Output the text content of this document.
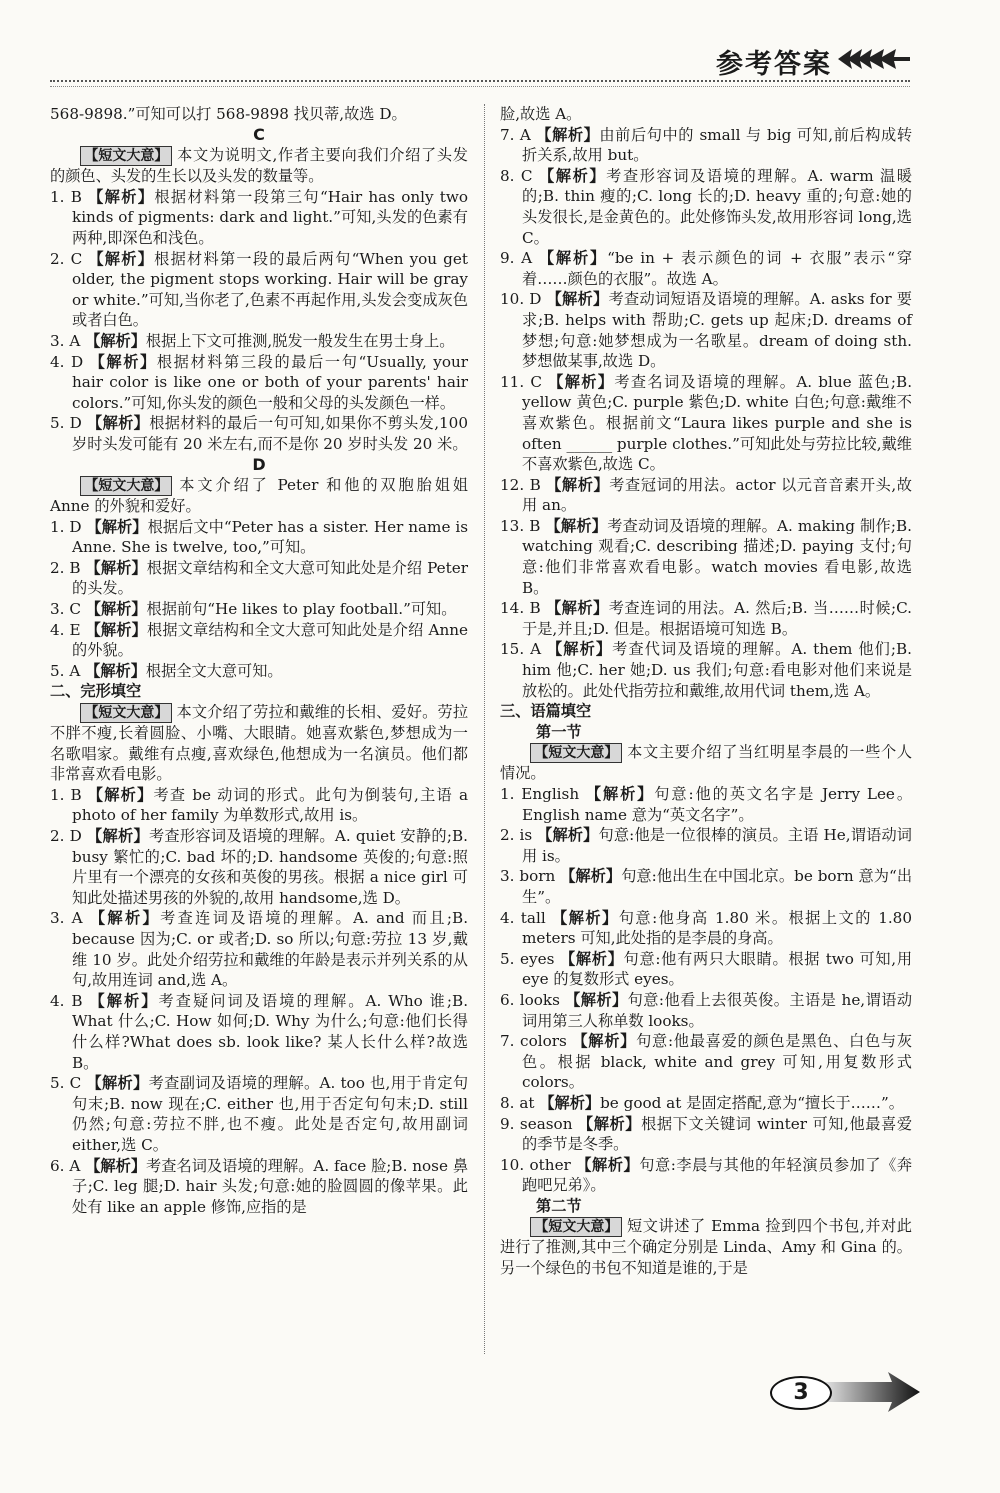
参考答案

568-9898.”可知可以打 568-9898 找贝蒂,故选 D。

C

【短文大意】 本文为说明文,作者主要向我们介绍了头发的颜色、头发的生长以及头发的数量等。

1. B 【解析】根据材料第一段第三句“Hair has only two kinds of pigments: dark and light.”可知,头发的色素有两种,即深色和浅色。

2. C 【解析】根据材料第一段的最后两句“When you get older, the pigment stops working. Hair will be gray or white.”可知,当你老了,色素不再起作用,头发会变成灰色或者白色。

3. A 【解析】根据上下文可推测,脱发一般发生在男士身上。

4. D 【解析】根据材料第三段的最后一句“Usually, your hair color is like one or both of your parents' hair colors.”可知,你头发的颜色一般和父母的头发颜色一样。

5. D 【解析】根据材料的最后一句可知,如果你不剪头发,100 岁时头发可能有 20 米左右,而不是你 20 岁时头发 20 米。

D

【短文大意】 本文介绍了 Peter 和他的双胞胎姐姐 Anne 的外貌和爱好。

1. D 【解析】根据后文中“Peter has a sister. Her name is Anne. She is twelve, too,”可知。

2. B 【解析】根据文章结构和全文大意可知此处是介绍 Peter 的头发。

3. C 【解析】根据前句“He likes to play football.”可知。

4. E 【解析】根据文章结构和全文大意可知此处是介绍 Anne 的外貌。

5. A 【解析】根据全文大意可知。

二、完形填空

【短文大意】 本文介绍了劳拉和戴维的长相、爱好。劳拉不胖不瘦,长着圆脸、小嘴、大眼睛。她喜欢紫色,梦想成为一名歌唱家。戴维有点瘦,喜欢绿色,他想成为一名演员。他们都非常喜欢看电影。

1. B 【解析】考查 be 动词的形式。此句为倒装句,主语 a photo of her family 为单数形式,故用 is。

2. D 【解析】考查形容词及语境的理解。A. quiet 安静的;B. busy 繁忙的;C. bad 坏的;D. handsome 英俊的;句意:照片里有一个漂亮的女孩和英俊的男孩。根据 a nice girl 可知此处描述男孩的外貌的,故用 handsome,选 D。

3. A 【解析】考查连词及语境的理解。A. and 而且;B. because 因为;C. or 或者;D. so 所以;句意:劳拉 13 岁,戴维 10 岁。此处介绍劳拉和戴维的年龄是表示并列关系的从句,故用连词 and,选 A。

4. B 【解析】考查疑问词及语境的理解。A. Who 谁;B. What 什么;C. How 如何;D. Why 为什么;句意:他们长得什么样?What does sb. look like? 某人长什么样?故选 B。

5. C 【解析】考查副词及语境的理解。A. too 也,用于肯定句句末;B. now 现在;C. either 也,用于否定句句末;D. still 仍然;句意:劳拉不胖,也不瘦。此处是否定句,故用副词 either,选 C。

6. A 【解析】考查名词及语境的理解。A. face 脸;B. nose 鼻子;C. leg 腿;D. hair 头发;句意:她的脸圆圆的像苹果。此处有 like an apple 修饰,应指的是

脸,故选 A。

7. A 【解析】由前后句中的 small 与 big 可知,前后构成转折关系,故用 but。

8. C 【解析】考查形容词及语境的理解。A. warm 温暖的;B. thin 瘦的;C. long 长的;D. heavy 重的;句意:她的头发很长,是金黄色的。此处修饰头发,故用形容词 long,选 C。

9. A 【解析】“be in + 表示颜色的词 + 衣服”表示“穿着……颜色的衣服”。故选 A。

10. D 【解析】考查动词短语及语境的理解。A. asks for 要求;B. helps with 帮助;C. gets up 起床;D. dreams of 梦想;句意:她梦想成为一名歌星。dream of doing sth. 梦想做某事,故选 D。

11. C 【解析】考查名词及语境的理解。A. blue 蓝色;B. yellow 黄色;C. purple 紫色;D. white 白色;句意:戴维不喜欢紫色。根据前文“Laura likes purple and she is often ______ purple clothes.”可知此处与劳拉比较,戴维不喜欢紫色,故选 C。

12. B 【解析】考查冠词的用法。actor 以元音音素开头,故用 an。

13. B 【解析】考查动词及语境的理解。A. making 制作;B. watching 观看;C. describing 描述;D. paying 支付;句意:他们非常喜欢看电影。watch movies 看电影,故选 B。

14. B 【解析】考查连词的用法。A. 然后;B. 当……时候;C. 于是,并且;D. 但是。根据语境可知选 B。

15. A 【解析】考查代词及语境的理解。A. them 他们;B. him 他;C. her 她;D. us 我们;句意:看电影对他们来说是放松的。此处代指劳拉和戴维,故用代词 them,选 A。

三、语篇填空

第一节

【短文大意】 本文主要介绍了当红明星李晨的一些个人情况。

1. English 【解析】句意:他的英文名字是 Jerry Lee。English name 意为“英文名字”。

2. is 【解析】句意:他是一位很棒的演员。主语 He,谓语动词用 is。

3. born 【解析】句意:他出生在中国北京。be born 意为“出生”。

4. tall 【解析】句意:他身高 1.80 米。根据上文的 1.80 meters 可知,此处指的是李晨的身高。

5. eyes 【解析】句意:他有两只大眼睛。根据 two 可知,用 eye 的复数形式 eyes。

6. looks 【解析】句意:他看上去很英俊。主语是 he,谓语动词用第三人称单数 looks。

7. colors 【解析】句意:他最喜爱的颜色是黑色、白色与灰色。根据 black, white and grey 可知,用复数形式 colors。

8. at 【解析】be good at 是固定搭配,意为“擅长于……”。

9. season 【解析】根据下文关键词 winter 可知,他最喜爱的季节是冬季。

10. other 【解析】句意:李晨与其他的年轻演员参加了《奔跑吧兄弟》。

第二节

【短文大意】 短文讲述了 Emma 捡到四个书包,并对此进行了推测,其中三个确定分别是 Linda、Amy 和 Gina 的。另一个绿色的书包不知道是谁的,于是

3
